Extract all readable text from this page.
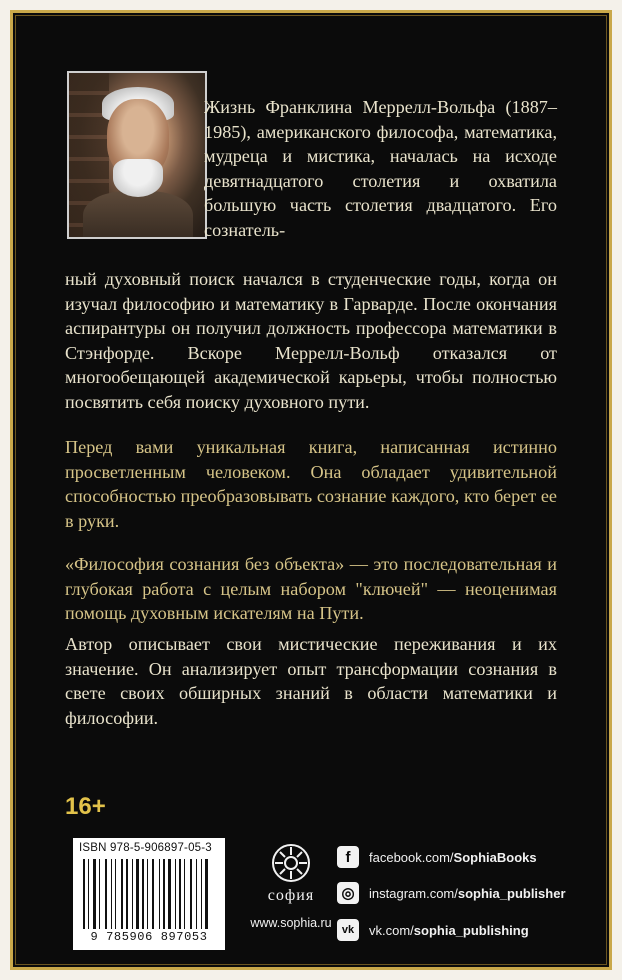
Жизнь Франклина Меррелл-Вольфа (1887–1985), американского философа, математика, мудреца и мистика, началась на исходе девятнадцатого столетия и охватила большую часть столетия двадцатого. Его сознатель-
ный духовный поиск начался в студенческие годы, когда он изучал философию и математику в Гарварде. После окончания аспирантуры он получил должность профессора математики в Стэнфорде. Вскоре Меррелл-Вольф отказался от многообещающей академической карьеры, чтобы полностью посвятить себя поиску духовного пути.
Перед вами уникальная книга, написанная истинно просветленным человеком. Она обладает удивительной способностью преобразовывать сознание каждого, кто берет ее в руки.
«Философия сознания без объекта» — это последовательная и глубокая работа с целым набором "ключей" — неоценимая помощь духовным искателям на Пути.
Автор описывает свои мистические переживания и их значение. Он анализирует опыт трансформации сознания в свете своих обширных знаний в области математики и философии.
16+
ISBN 978-5-906897-05-3
9 785906 897053
софия
www.sophia.ru
f	facebook.com/SophiaBooks
◎	instagram.com/sophia_publisher
vk	vk.com/sophia_publishing
